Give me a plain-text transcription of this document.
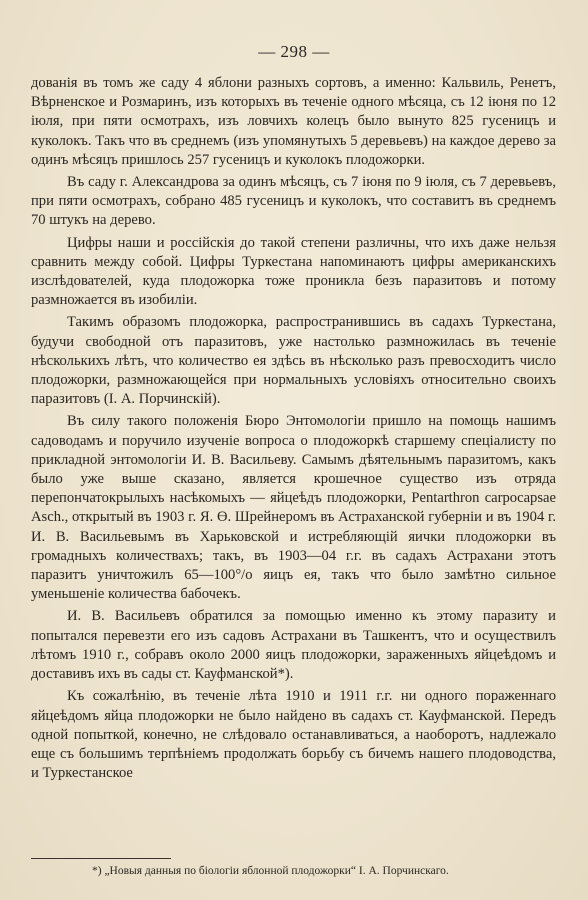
— 298 —

дованія въ томъ же саду 4 яблони разныхъ сортовъ, а именно: Кальвиль, Ренетъ, Вѣрненское и Розмаринъ, изъ которыхъ въ теченіе одного мѣсяца, съ 12 іюня по 12 іюля, при пяти осмотрахъ, изъ ловчихъ колецъ было вынуто 825 гусеницъ и куколокъ. Такъ что въ среднемъ (изъ упомянутыхъ 5 деревьевъ) на каждое дерево за одинъ мѣсяцъ пришлось 257 гусеницъ и куколокъ плодожорки.

Въ саду г. Александрова за одинъ мѣсяцъ, съ 7 іюня по 9 іюля, съ 7 деревьевъ, при пяти осмотрахъ, собрано 485 гусеницъ и куколокъ, что составитъ въ среднемъ 70 штукъ на дерево.

Цифры наши и россійскія до такой степени различны, что ихъ даже нельзя сравнить между собой. Цифры Туркестана напоминаютъ цифры американскихъ изслѣдователей, куда плодожорка тоже проникла безъ паразитовъ и потому размножается въ изобиліи.

Такимъ образомъ плодожорка, распространившись въ садахъ Туркестана, будучи свободной отъ паразитовъ, уже настолько размножилась въ теченіе нѣсколькихъ лѣтъ, что количество ея здѣсь въ нѣсколько разъ превосходитъ число плодожорки, размножающейся при нормальныхъ условіяхъ относительно своихъ паразитовъ (I. А. Порчинскій).

Въ силу такого положенія Бюро Энтомологіи пришло на помощь нашимъ садоводамъ и поручило изученіе вопроса о плодожоркѣ старшему спеціалисту по прикладной энтомологіи И. В. Васильеву. Самымъ дѣятельнымъ паразитомъ, какъ было уже выше сказано, является крошечное существо изъ отряда перепончатокрылыхъ насѣкомыхъ — яйцеѣдъ плодожорки, Pentarthron carpocapsae Asch., открытый въ 1903 г. Я. Ө. Шрейнеромъ въ Астраханской губерніи и въ 1904 г. И. В. Васильевымъ въ Харьковской и истребляющій яички плодожорки въ громадныхъ количествахъ; такъ, въ 1903—04 г.г. въ садахъ Астрахани этотъ паразитъ уничтожилъ 65—100°/о яицъ ея, такъ что было замѣтно сильное уменьшеніе количества бабочекъ.

И. В. Васильевъ обратился за помощью именно къ этому паразиту и попытался перевезти его изъ садовъ Астрахани въ Ташкентъ, что и осуществилъ лѣтомъ 1910 г., собравъ около 2000 яицъ плодожорки, зараженныхъ яйцеѣдомъ и доставивъ ихъ въ сады ст. Кауфманской*).

Къ сожалѣнію, въ теченіе лѣта 1910 и 1911 г.г. ни одного пораженнаго яйцеѣдомъ яйца плодожорки не было найдено въ садахъ ст. Кауфманской. Передъ одной попыткой, конечно, не слѣдовало останавливаться, а наоборотъ, надлежало еще съ большимъ терпѣніемъ продолжать борьбу съ бичемъ нашего плодоводства, и Туркестанское

*) „Новыя данныя по біологіи яблонной плодожорки“ I. А. Порчинскаго.
